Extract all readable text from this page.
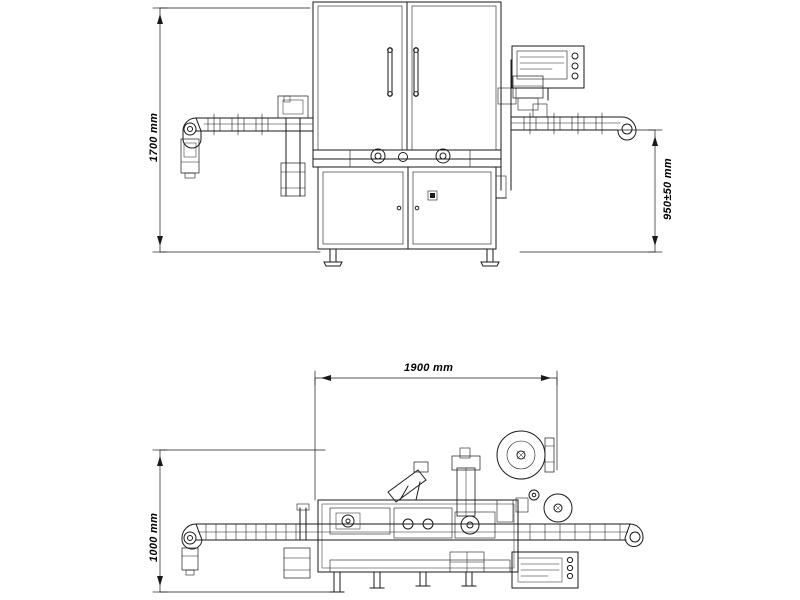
1700 mm
950±50 mm
1900 mm
1000 mm
